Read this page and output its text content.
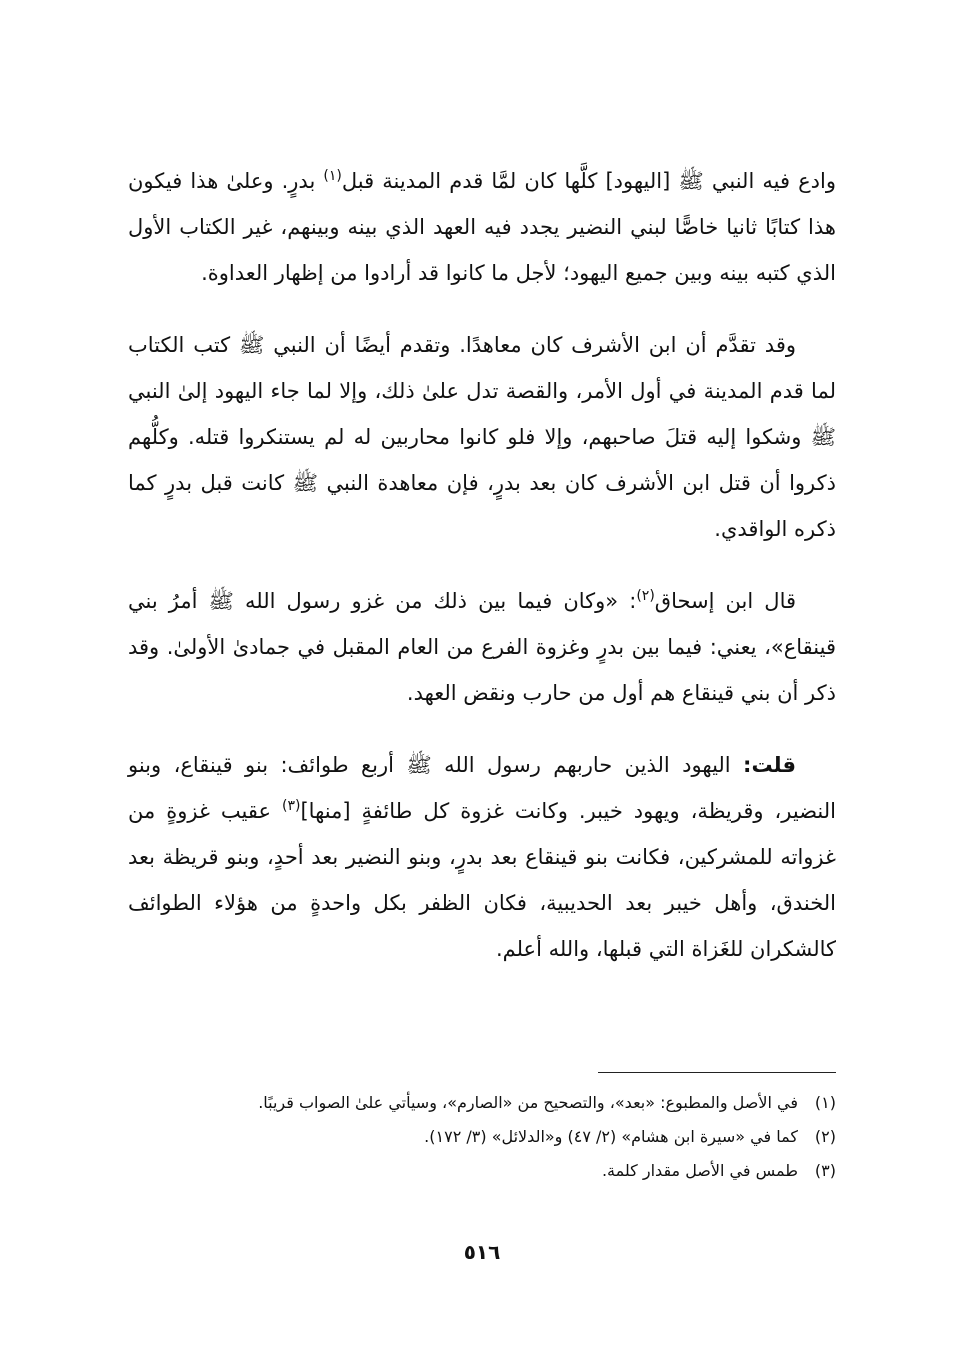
وادع فيه النبي ﷺ [اليهود] كلَّها كان لمَّا قدم المدينة قبل$^{(١)}$ بدرٍ. وعلىٰ هذا فيكون هذا كتابًا ثانيا خاصًّا لبني النضير يجدد فيه العهد الذي بينه وبينهم، غير الكتاب الأول الذي كتبه بينه وبين جميع اليهود؛ لأجل ما كانوا قد أرادوا من إظهار العداوة.

وقد تقدَّم أن ابن الأشرف كان معاهدًا. وتقدم أيضًا أن النبي ﷺ كتب الكتاب لما قدم المدينة في أول الأمر، والقصة تدل علىٰ ذلك، وإلا لما جاء اليهود إلىٰ النبي ﷺ وشكوا إليه قتلَ صاحبهم، وإلا فلو كانوا محاربين له لم يستنكروا قتله. وكلُّهم ذكروا أن قتل ابن الأشرف كان بعد بدرٍ، فإن معاهدة النبي ﷺ كانت قبل بدرٍ كما ذكره الواقدي.

قال ابن إسحاق$^{(٢)}$: «وكان فيما بين ذلك من غزو رسول الله ﷺ أمرُ بني قينقاع»، يعني: فيما بين بدرٍ وغزوة الفرع من العام المقبل في جمادىٰ الأولىٰ. وقد ذكر أن بني قينقاع هم أول من حارب ونقض العهد.

قلت: اليهود الذين حاربهم رسول الله ﷺ أربع طوائف: بنو قينقاع، وبنو النضير، وقريظة، ويهود خيبر. وكانت غزوة كل طائفةٍ [منها]$^{(٣)}$ عقيب غزوةٍ من غزواته للمشركين، فكانت بنو قينقاع بعد بدرٍ، وبنو النضير بعد أحدٍ، وبنو قريظة بعد الخندق، وأهل خيبر بعد الحديبية، فكان الظفر بكل واحدةٍ من هؤلاء الطوائف كالشكران للغَزاة التي قبلها، والله أعلم.

(١)في الأصل والمطبوع: «بعد»، والتصحيح من «الصارم»، وسيأتي علىٰ الصواب قريبًا.

(٢)كما في «سيرة ابن هشام» (٢/ ٤٧) و«الدلائل» (٣/ ١٧٢).

(٣)طمس في الأصل مقدار كلمة.

٥١٦
